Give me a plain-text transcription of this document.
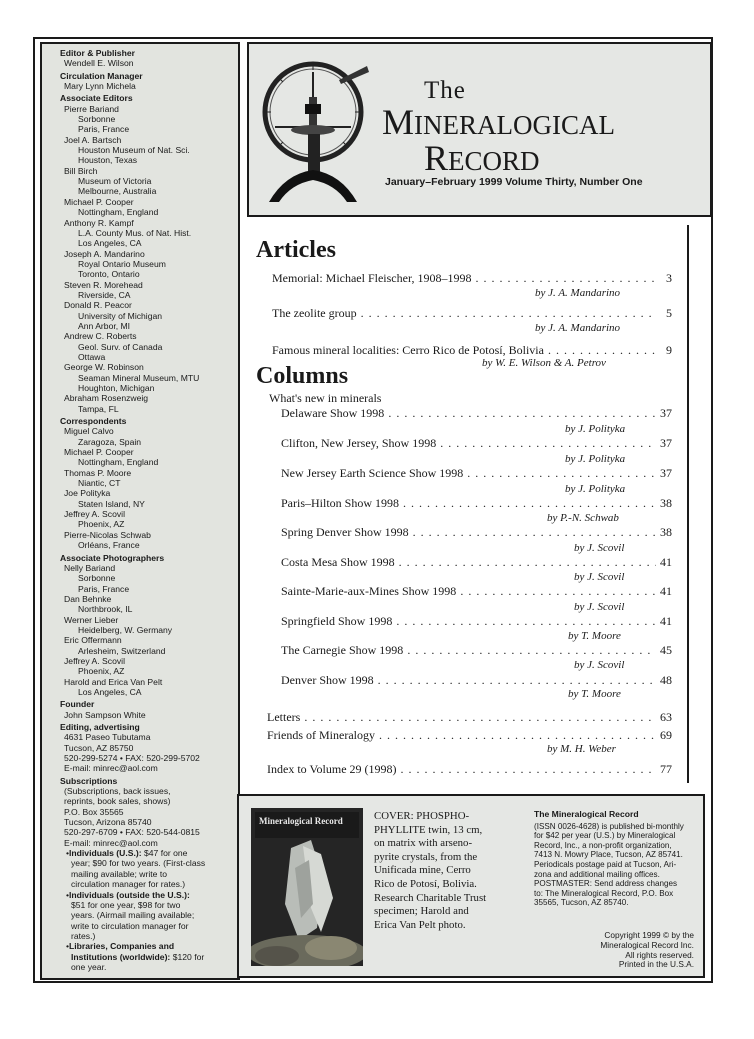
Editor & Publisher
Wendell E. Wilson
Circulation Manager
Mary Lynn Michela
Associate Editors
Pierre Bariand
Sorbonne
Paris, France
Joel A. Bartsch
Houston Museum of Nat. Sci.
Houston, Texas
Bill Birch
Museum of Victoria
Melbourne, Australia
Michael P. Cooper
Nottingham, England
Anthony R. Kampf
L.A. County Mus. of Nat. Hist.
Los Angeles, CA
Joseph A. Mandarino
Royal Ontario Museum
Toronto, Ontario
Steven R. Morehead
Riverside, CA
Donald R. Peacor
University of Michigan
Ann Arbor, MI
Andrew C. Roberts
Geol. Surv. of Canada
Ottawa
George W. Robinson
Seaman Mineral Museum, MTU
Houghton, Michigan
Abraham Rosenzweig
Tampa, FL
Correspondents
Miguel Calvo
Zaragoza, Spain
Michael P. Cooper
Nottingham, England
Thomas P. Moore
Niantic, CT
Joe Polityka
Staten Island, NY
Jeffrey A. Scovil
Phoenix, AZ
Pierre-Nicolas Schwab
Orléans, France
Associate Photographers
Nelly Bariand
Sorbonne
Paris, France
Dan Behnke
Northbrook, IL
Werner Lieber
Heidelberg, W. Germany
Eric Offermann
Arlesheim, Switzerland
Jeffrey A. Scovil
Phoenix, AZ
Harold and Erica Van Pelt
Los Angeles, CA
Founder
John Sampson White
Editing, advertising
4631 Paseo Tubutama
Tucson, AZ 85750
520-299-5274 • FAX: 520-299-5702
E-mail: minrec@aol.com
Subscriptions
(Subscriptions, back issues,
reprints, book sales, shows)
P.O. Box 35565
Tucson, Arizona 85740
520-297-6709 • FAX: 520-544-0815
E-mail: minrec@aol.com
•Individuals (U.S.): $47 for one
year; $90 for two years. (First-class
mailing available; write to
circulation manager for rates.)
•Individuals (outside the U.S.):
$51 for one year, $98 for two
years. (Airmail mailing available;
write to circulation manager for
rates.)
•Libraries, Companies and
Institutions (worldwide): $120 for
one year.
The
MINERALOGICAL
RECORD
January–February 1999 Volume Thirty, Number One
Articles
Memorial: Michael Fleischer, 1908–1998 . . .	3
by J. A. Mandarino
The zeolite group . . .	5
by J. A. Mandarino
Famous mineral localities: Cerro Rico de Potosí, Bolivia . . .	9
by W. E. Wilson & A. Petrov
Columns
What's new in minerals
Delaware Show 1998 . . .	37
by J. Polityka
Clifton, New Jersey, Show 1998 . . .	37
by J. Polityka
New Jersey Earth Science Show 1998 . . .	37
by J. Polityka
Paris–Hilton Show 1998 . . .	38
by P.-N. Schwab
Spring Denver Show 1998 . . .	38
by J. Scovil
Costa Mesa Show 1998 . . .	41
by J. Scovil
Sainte-Marie-aux-Mines Show 1998 . . .	41
by J. Scovil
Springfield Show 1998 . . .	41
by T. Moore
The Carnegie Show 1998 . . .	45
by J. Scovil
Denver Show 1998 . . .	48
by T. Moore
Letters . . .	63
Friends of Mineralogy . . .	69
by M. H. Weber
Index to Volume 29 (1998) . . .	77
Mineralogical Record	COVER: PHOSPHO-
PHYLLITE twin, 13 cm,
on matrix with arseno-
pyrite crystals, from the
Unificada mine, Cerro
Rico de Potosí, Bolivia.
Research Charitable Trust
specimen; Harold and
Erica Van Pelt photo.
The Mineralogical Record
(ISSN 0026-4628) is published bi-monthly
for $42 per year (U.S.) by Mineralogical
Record, Inc., a non-profit organization,
7413 N. Mowry Place, Tucson, AZ 85741.
Periodicals postage paid at Tucson, Ari-
zona and additional mailing offices.
POSTMASTER: Send address changes
to: The Mineralogical Record, P.O. Box
35565, Tucson, AZ 85740.
Copyright 1999 © by the
Mineralogical Record Inc.
All rights reserved.
Printed in the U.S.A.
